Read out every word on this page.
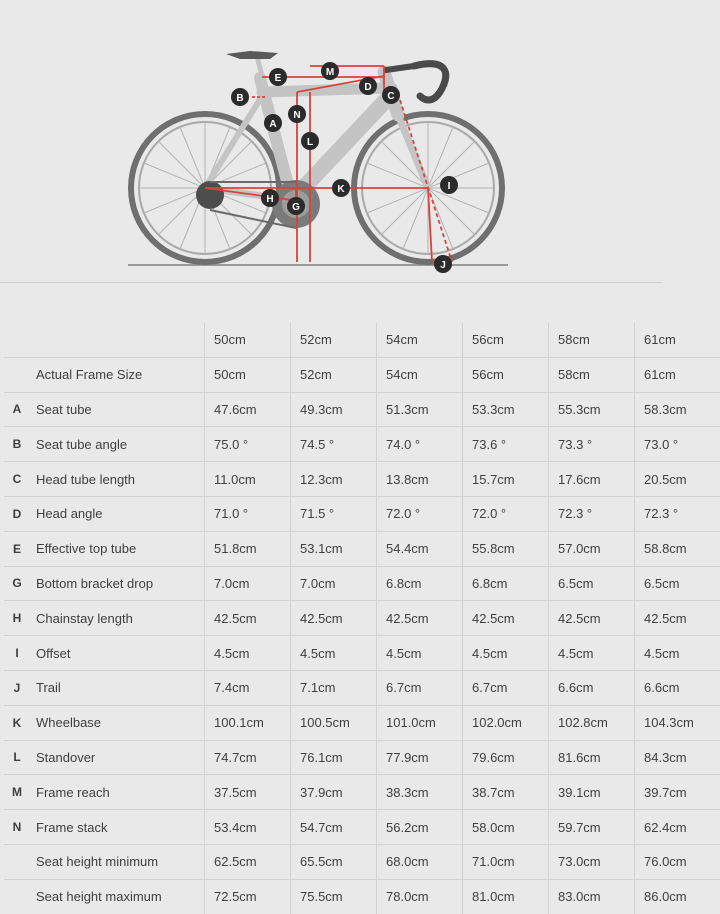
E
M
B
D
C
A
N
L
K	I
H
G
J
		50cm	52cm	54cm	56cm	58cm	61cm
	Actual Frame Size	50cm	52cm	54cm	56cm	58cm	61cm
A	Seat tube	47.6cm	49.3cm	51.3cm	53.3cm	55.3cm	58.3cm
B	Seat tube angle	75.0 °	74.5 °	74.0 °	73.6 °	73.3 °	73.0 °
C	Head tube length	11.0cm	12.3cm	13.8cm	15.7cm	17.6cm	20.5cm
D	Head angle	71.0 °	71.5 °	72.0 °	72.0 °	72.3 °	72.3 °
E	Effective top tube	51.8cm	53.1cm	54.4cm	55.8cm	57.0cm	58.8cm
G	Bottom bracket drop	7.0cm	7.0cm	6.8cm	6.8cm	6.5cm	6.5cm
H	Chainstay length	42.5cm	42.5cm	42.5cm	42.5cm	42.5cm	42.5cm
I	Offset	4.5cm	4.5cm	4.5cm	4.5cm	4.5cm	4.5cm
J	Trail	7.4cm	7.1cm	6.7cm	6.7cm	6.6cm	6.6cm
K	Wheelbase	100.1cm	100.5cm	101.0cm	102.0cm	102.8cm	104.3cm
L	Standover	74.7cm	76.1cm	77.9cm	79.6cm	81.6cm	84.3cm
M	Frame reach	37.5cm	37.9cm	38.3cm	38.7cm	39.1cm	39.7cm
N	Frame stack	53.4cm	54.7cm	56.2cm	58.0cm	59.7cm	62.4cm
	Seat height minimum	62.5cm	65.5cm	68.0cm	71.0cm	73.0cm	76.0cm
	Seat height maximum	72.5cm	75.5cm	78.0cm	81.0cm	83.0cm	86.0cm
